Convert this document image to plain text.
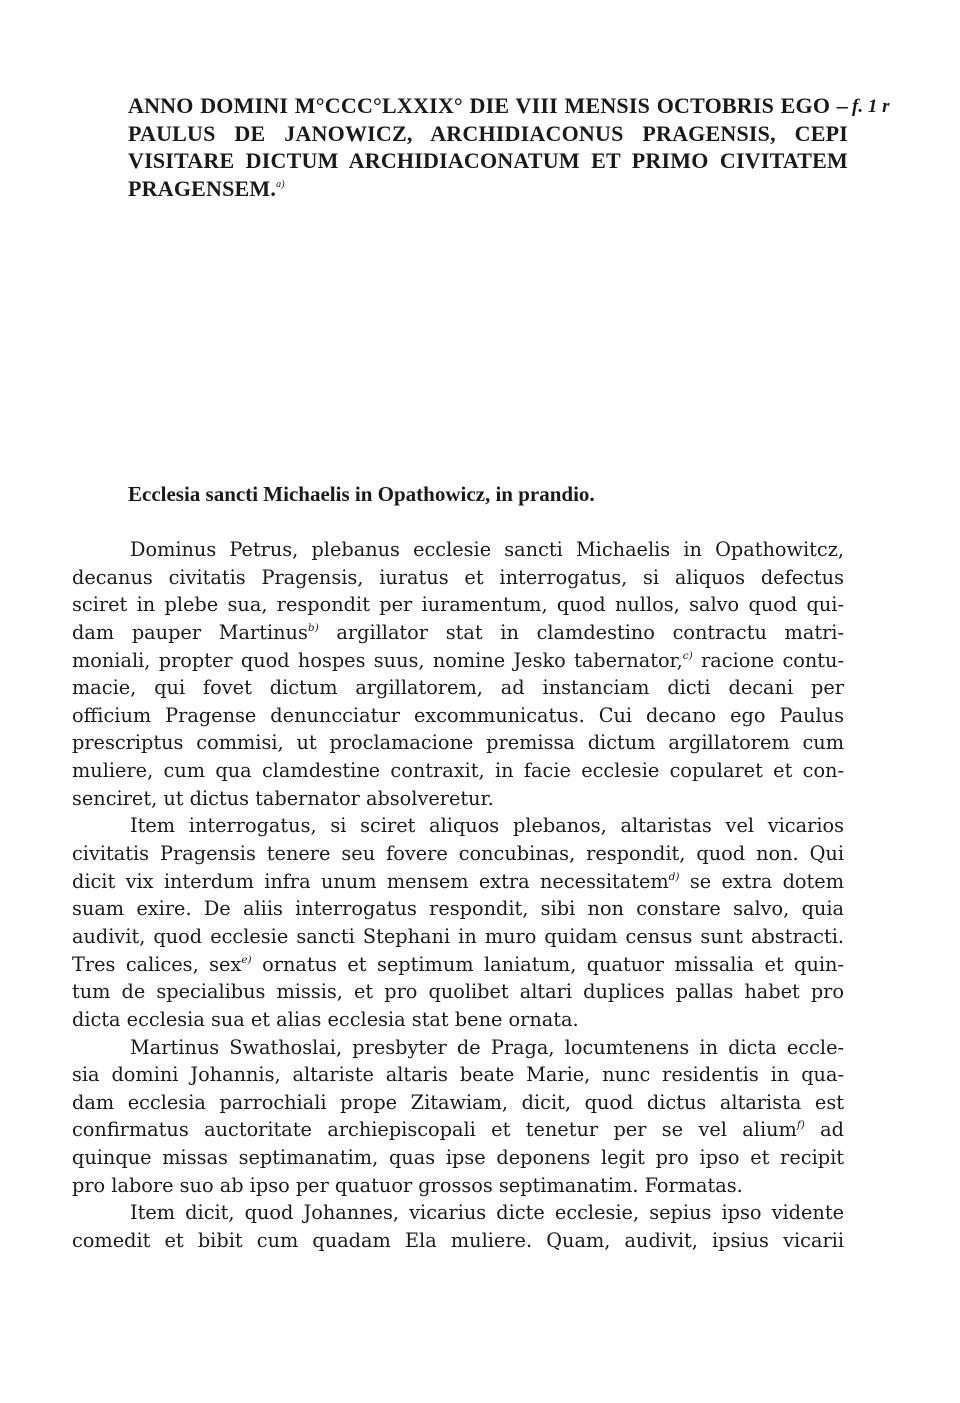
ANNO DOMINI M°CCC°LXXIX° DIE VIII MENSIS OCTOBRIS EGO –
PAULUS DE JANOWICZ, ARCHIDIACONUS PRAGENSIS, CEPI
VISITARE DICTUM ARCHIDIACONATUM ET PRIMO CIVITATEM
PRAGENSEM.$^{a)}$
f. 1 r
Ecclesia sancti Michaelis in Opathowicz, in prandio.
Dominus Petrus, plebanus ecclesie sancti Michaelis in Opathowitcz,
decanus civitatis Pragensis, iuratus et interrogatus, si aliquos defectus
sciret in plebe sua, respondit per iuramentum, quod nullos, salvo quod qui-
dam pauper Martinus$^{b)}$ argillator stat in clamdestino contractu matri-
moniali, propter quod hospes suus, nomine Jesko tabernator,$^{c)}$ racione contu-
macie, qui fovet dictum argillatorem, ad instanciam dicti decani per
officium Pragense denuncciatur excommunicatus. Cui decano ego Paulus
prescriptus commisi, ut proclamacione premissa dictum argillatorem cum
muliere, cum qua clamdestine contraxit, in facie ecclesie copularet et con-
senciret, ut dictus tabernator absolveretur.
Item interrogatus, si sciret aliquos plebanos, altaristas vel vicarios
civitatis Pragensis tenere seu fovere concubinas, respondit, quod non. Qui
dicit vix interdum infra unum mensem extra necessitatem$^{d)}$ se extra dotem
suam exire. De aliis interrogatus respondit, sibi non constare salvo, quia
audivit, quod ecclesie sancti Stephani in muro quidam census sunt abstracti.
Tres calices, sex$^{e)}$ ornatus et septimum laniatum, quatuor missalia et quin-
tum de specialibus missis, et pro quolibet altari duplices pallas habet pro
dicta ecclesia sua et alias ecclesia stat bene ornata.
Martinus Swathoslai, presbyter de Praga, locumtenens in dicta eccle-
sia domini Johannis, altariste altaris beate Marie, nunc residentis in qua-
dam ecclesia parrochiali prope Zitawiam, dicit, quod dictus altarista est
confirmatus auctoritate archiepiscopali et tenetur per se vel alium$^{f)}$ ad
quinque missas septimanatim, quas ipse deponens legit pro ipso et recipit
pro labore suo ab ipso per quatuor grossos septimanatim. Formatas.
Item dicit, quod Johannes, vicarius dicte ecclesie, sepius ipso vidente
comedit et bibit cum quadam Ela muliere. Quam, audivit, ipsius vicarii
